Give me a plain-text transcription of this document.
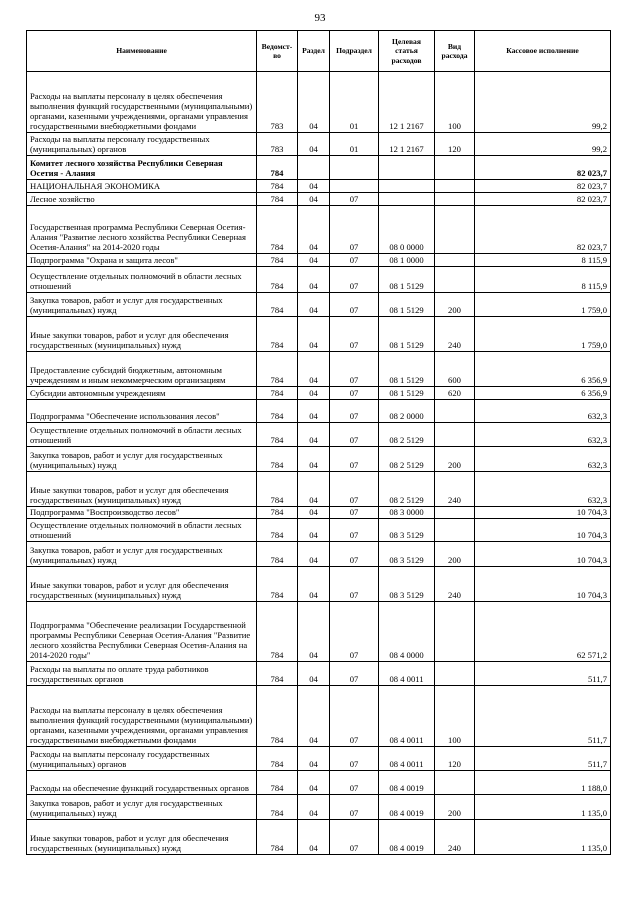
93
Наименование	Ведомст-во	Раздел	Подраздел	Целевая статья расходов	Вид расхода	Кассовое исполнение
Расходы на выплаты персоналу в целях обеспечения выполнения функций государственными (муниципальными) органами, казенными учреждениями, органами управления государственными внебюджетными фондами	783	04	01	12 1 2167	100	99,2
Расходы на выплаты персоналу государственных (муниципальных) органов	783	04	01	12 1 2167	120	99,2
Комитет лесного хозяйства Республики Северная Осетия - Алания	784					82 023,7
НАЦИОНАЛЬНАЯ ЭКОНОМИКА	784	04				82 023,7
Лесное хозяйство	784	04	07			82 023,7
Государственная программа Республики Северная Осетия-Алания "Развитие лесного хозяйства Республики Северная Осетия-Алания" на 2014-2020 годы	784	04	07	08 0 0000		82 023,7
Подпрограмма "Охрана и защита лесов"	784	04	07	08 1 0000		8 115,9
Осуществление отдельных полномочий в области лесных отношений	784	04	07	08 1 5129		8 115,9
Закупка товаров, работ и услуг для государственных (муниципальных) нужд	784	04	07	08 1 5129	200	1 759,0
Иные закупки товаров, работ и услуг для обеспечения государственных (муниципальных) нужд	784	04	07	08 1 5129	240	1 759,0
Предоставление субсидий бюджетным, автономным учреждениям и иным некоммерческим организациям	784	04	07	08 1 5129	600	6 356,9
Субсидии автономным учреждениям	784	04	07	08 1 5129	620	6 356,9
Подпрограмма "Обеспечение использования лесов"	784	04	07	08 2 0000		632,3
Осуществление отдельных полномочий в области лесных отношений	784	04	07	08 2 5129		632,3
Закупка товаров, работ и услуг для государственных (муниципальных) нужд	784	04	07	08 2 5129	200	632,3
Иные закупки товаров, работ и услуг для обеспечения государственных (муниципальных) нужд	784	04	07	08 2 5129	240	632,3
Подпрограмма "Воспроизводство лесов"	784	04	07	08 3 0000		10 704,3
Осуществление отдельных полномочий в области лесных отношений	784	04	07	08 3 5129		10 704,3
Закупка товаров, работ и услуг для государственных (муниципальных) нужд	784	04	07	08 3 5129	200	10 704,3
Иные закупки товаров, работ и услуг для обеспечения государственных (муниципальных) нужд	784	04	07	08 3 5129	240	10 704,3
Подпрограмма "Обеспечение реализации Государственной программы Республики Северная Осетия-Алания "Развитие лесного хозяйства Республики Северная Осетия-Алания на 2014-2020 годы"	784	04	07	08 4 0000		62 571,2
Расходы на выплаты по оплате труда работников государственных органов	784	04	07	08 4 0011		511,7
Расходы на выплаты персоналу в целях обеспечения выполнения функций государственными (муниципальными) органами, казенными учреждениями, органами управления государственными внебюджетными фондами	784	04	07	08 4 0011	100	511,7
Расходы на выплаты персоналу государственных (муниципальных) органов	784	04	07	08 4 0011	120	511,7
Расходы на обеспечение функций государственных органов	784	04	07	08 4 0019		1 188,0
Закупка товаров, работ и услуг для государственных (муниципальных) нужд	784	04	07	08 4 0019	200	1 135,0
Иные закупки товаров, работ и услуг для обеспечения государственных (муниципальных) нужд	784	04	07	08 4 0019	240	1 135,0
